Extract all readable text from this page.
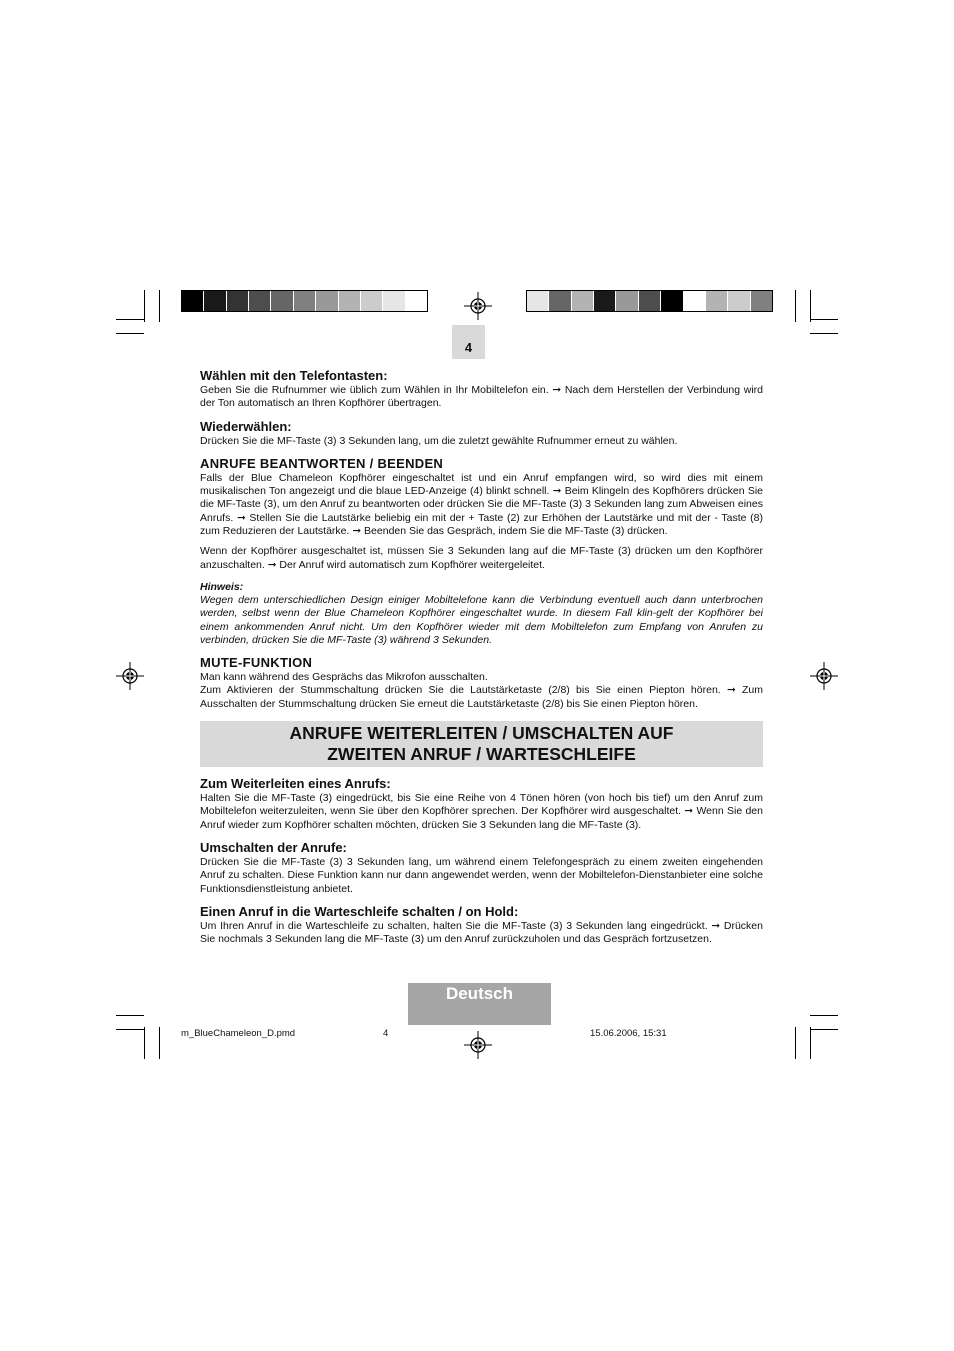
4
Wählen mit den Telefontasten:

Geben Sie die Rufnummer wie üblich zum Wählen in Ihr Mobiltelefon ein. ➞ Nach dem Herstellen der Verbindung wird der Ton automatisch an Ihren Kopfhörer übertragen.

Wiederwählen:

Drücken Sie die MF-Taste (3) 3 Sekunden lang, um die zuletzt gewählte Rufnummer erneut zu wählen.

ANRUFE BEANTWORTEN / BEENDEN

Falls der Blue Chameleon Kopfhörer eingeschaltet ist und ein Anruf empfangen wird, so wird dies mit einem musikalischen Ton angezeigt und die blaue LED-Anzeige (4) blinkt schnell. ➞ Beim Klingeln des Kopfhörers drücken Sie die MF-Taste (3), um den Anruf zu beantworten oder drücken Sie die MF-Taste (3) 3 Sekunden lang zum Abweisen eines Anrufs. ➞ Stellen Sie die Lautstärke beliebig ein mit der + Taste (2) zur Erhöhen der Lautstärke und mit der - Taste (8) zum Reduzieren der Lautstärke. ➞ Beenden Sie das Gespräch, indem Sie die MF-Taste (3) drücken.

Wenn der Kopfhörer ausgeschaltet ist, müssen Sie 3 Sekunden lang auf die MF-Taste (3) drücken um den Kopfhörer anzuschalten. ➞ Der Anruf wird automatisch zum Kopfhörer weitergeleitet.

Hinweis:

Wegen dem unterschiedlichen Design einiger Mobiltelefone kann die Verbindung eventuell auch dann unterbrochen werden, selbst wenn der Blue Chameleon Kopfhörer eingeschaltet wurde. In diesem Fall klin-gelt der Kopfhörer bei einem ankommenden Anruf nicht. Um den Kopfhörer wieder mit dem Mobiltelefon zum Empfang von Anrufen zu verbinden, drücken Sie die MF-Taste (3) während 3 Sekunden.

MUTE-FUNKTION

Man kann während des Gesprächs das Mikrofon ausschalten.

Zum Aktivieren der Stummschaltung drücken Sie die Lautstärketaste (2/8) bis Sie einen Piepton hören. ➞ Zum Ausschalten der Stummschaltung drücken Sie erneut die Lautstärketaste (2/8) bis Sie einen Piepton hören.

ANRUFE WEITERLEITEN / UMSCHALTEN AUF
ZWEITEN ANRUF / WARTESCHLEIFE
Zum Weiterleiten eines Anrufs:

Halten Sie die MF-Taste (3) eingedrückt, bis Sie eine Reihe von 4 Tönen hören (von hoch bis tief) um den Anruf zum Mobiltelefon weiterzuleiten, wenn Sie über den Kopfhörer sprechen. Der Kopfhörer wird ausgeschaltet. ➞ Wenn Sie den Anruf wieder zum Kopfhörer schalten möchten, drücken Sie 3 Sekunden lang die MF-Taste (3).

Umschalten der Anrufe:

Drücken Sie die MF-Taste (3) 3 Sekunden lang, um während einem Telefongespräch zu einem zweiten eingehenden Anruf zu schalten. Diese Funktion kann nur dann angewendet werden, wenn der Mobiltelefon-Dienstanbieter eine solche Funktionsdienstleistung anbietet.

Einen Anruf in die Warteschleife schalten / on Hold:

Um Ihren Anruf in die Warteschleife zu schalten, halten Sie die MF-Taste (3) 3 Sekunden lang eingedrückt. ➞ Drücken Sie nochmals 3 Sekunden lang die MF-Taste (3) um den Anruf zurückzuholen und das Gespräch fortzusetzen.

Deutsch
m_BlueChameleon_D.pmd	4	15.06.2006, 15:31
